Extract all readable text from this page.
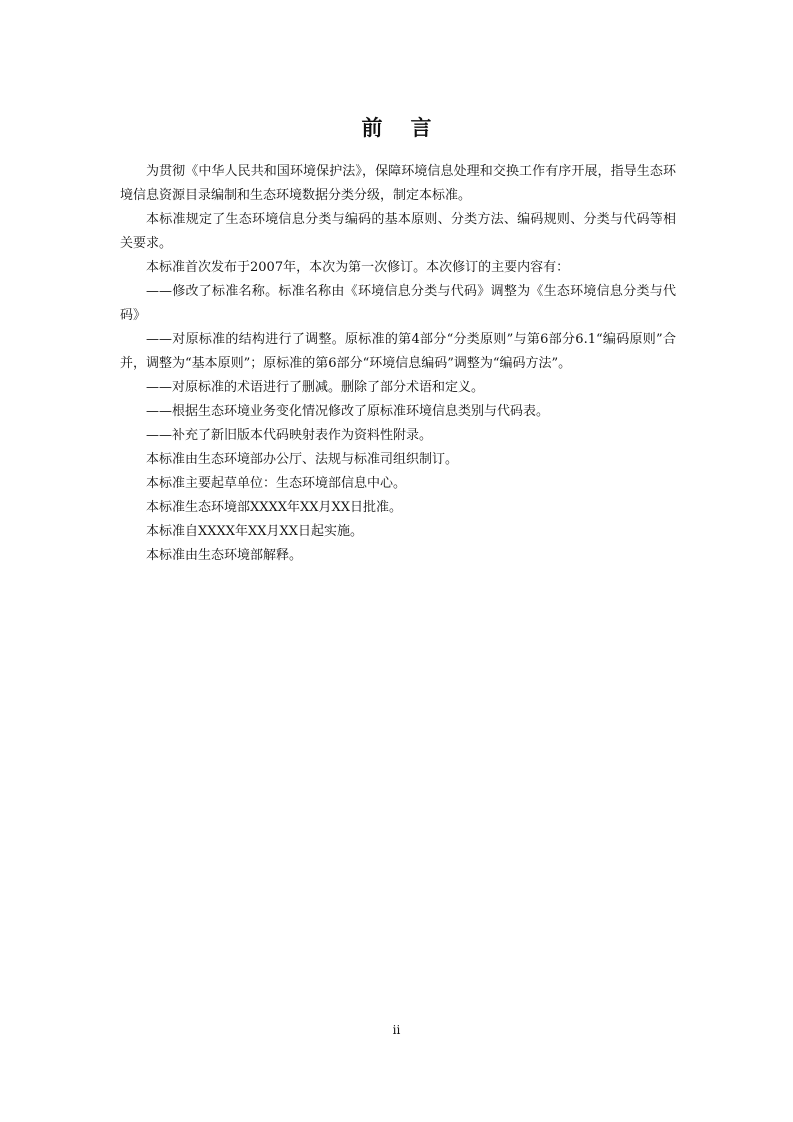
前言

为贯彻《中华人民共和国环境保护法》，保障环境信息处理和交换工作有序开展，指导生态环境信息资源目录编制和生态环境数据分类分级，制定本标准。

本标准规定了生态环境信息分类与编码的基本原则、分类方法、编码规则、分类与代码等相关要求。

本标准首次发布于2007年，本次为第一次修订。本次修订的主要内容有：

——修改了标准名称。标准名称由《环境信息分类与代码》调整为《生态环境信息分类与代码》

——对原标准的结构进行了调整。原标准的第4部分“分类原则”与第6部分6.1“编码原则”合并，调整为“基本原则”；原标准的第6部分“环境信息编码”调整为“编码方法”。

——对原标准的术语进行了删减。删除了部分术语和定义。

——根据生态环境业务变化情况修改了原标准环境信息类别与代码表。

——补充了新旧版本代码映射表作为资料性附录。

本标准由生态环境部办公厅、法规与标准司组织制订。

本标准主要起草单位：生态环境部信息中心。

本标准生态环境部XXXX年XX月XX日批准。

本标准自XXXX年XX月XX日起实施。

本标准由生态环境部解释。

ii
